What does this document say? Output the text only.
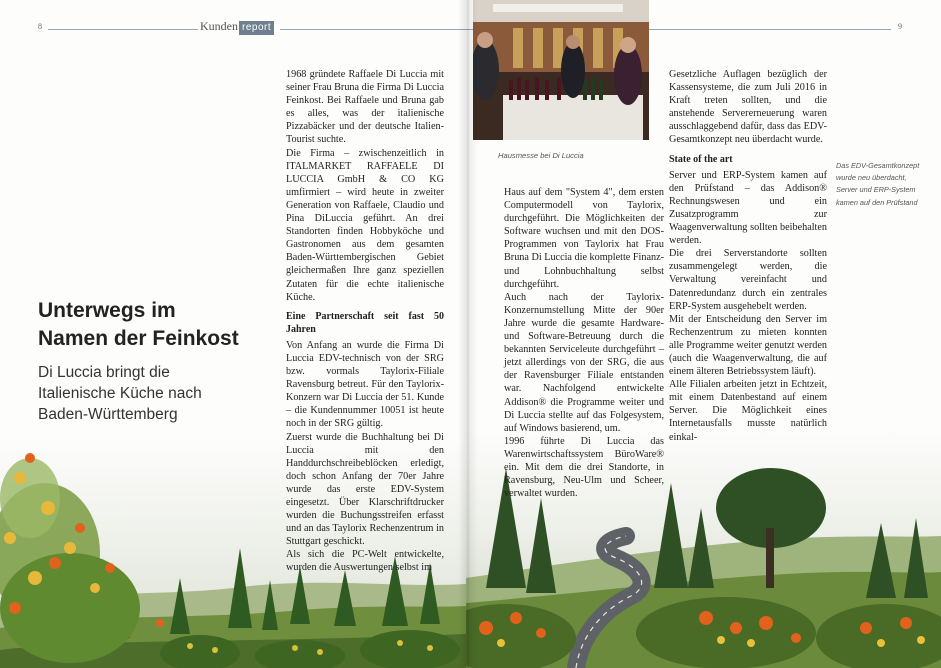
8	Kunden report
Unterwegs im
Namen der Feinkost
Di Luccia bringt die
Italienische Küche nach
Baden-Württemberg

1968 gründete Raffaele Di Luccia mit seiner Frau Bruna die Firma Di Luccia Feinkost. Bei Raffaele und Bruna gab es alles, was der italienische Pizzabäcker und der deutsche Italien-Tourist suchte.

Die Firma – zwischenzeitlich in ITALMARKET RAFFAELE DI LUCCIA GmbH & CO KG umfirmiert – wird heute in zweiter Generation von Raffaele, Claudio und Pina DiLuccia geführt. An drei Standorten finden Hobbyköche und Gastronomen aus dem gesamten Baden-Württembergischen Gebiet gleichermaßen Ihre ganz speziellen Zutaten für die echte italienische Küche.

Eine Partnerschaft seit fast 50 Jahren

Von Anfang an wurde die Firma Di Luccia EDV-technisch von der SRG bzw. vormals Taylorix-Filiale Ravensburg betreut. Für den Taylorix-Konzern war Di Luccia der 51. Kunde – die Kundennummer 10051 ist heute noch in der SRG gültig.

Zuerst wurde die Buchhaltung bei Di Luccia mit den Handdurchschreibeblöcken erledigt, doch schon Anfang der 70er Jahre wurde das erste EDV-System eingesetzt. Über Klarschriftdrucker wurden die Buchungsstreifen erfasst und an das Taylorix Rechenzentrum in Stuttgart geschickt.

Als sich die PC-Welt entwickelte, wurden die Auswertungen selbst im

9
Hausmesse bei Di Luccia
Das EDV-Gesamtkonzept wurde neu überdacht, Server und ERP-System kamen auf den Prüfstand

Haus auf dem "System 4", dem ersten Computermodell von Taylorix, durchgeführt. Die Möglichkeiten der Software wuchsen und mit den DOS-Programmen von Taylorix hat Frau Bruna Di Luccia die komplette Finanz- und Lohnbuchhaltung selbst durchgeführt.

Auch nach der Taylorix-Konzernumstellung Mitte der 90er Jahre wurde die gesamte Hardware- und Software-Betreuung durch die bekannten Serviceleute durchgeführt – jetzt allerdings von der SRG, die aus der Ravensburger Filiale entstanden war. Nachfolgend entwickelte Addison® die Programme weiter und Di Luccia stellte auf das Folgesystem, auf Windows basierend, um.

1996 führte Di Luccia das Warenwirtschaftssystem BüroWare® ein. Mit dem die drei Standorte, in Ravensburg, Neu-Ulm und Scheer, verwaltet wurden.

Gesetzliche Auflagen bezüglich der Kassensysteme, die zum Juli 2016 in Kraft treten sollten, und die anstehende Servererneuerung waren ausschlaggebend dafür, dass das EDV-Gesamtkonzept neu überdacht wurde.

State of the art

Server und ERP-System kamen auf den Prüfstand – das Addison® Rechnungswesen und ein Zusatzprogramm zur Waagenverwaltung sollten beibehalten werden.

Die drei Serverstandorte sollten zusammengelegt werden, die Verwaltung vereinfacht und Datenredundanz durch ein zentrales ERP-System ausgehebelt werden.

Mit der Entscheidung den Server im Rechenzentrum zu mieten konnten alle Programme weiter genutzt werden (auch die Waagenverwaltung, die auf einem älteren Betriebssystem läuft).

Alle Filialen arbeiten jetzt in Echtzeit, mit einem Datenbestand auf einem Server. Die Möglichkeit eines Internetausfalls musste natürlich einkal-
